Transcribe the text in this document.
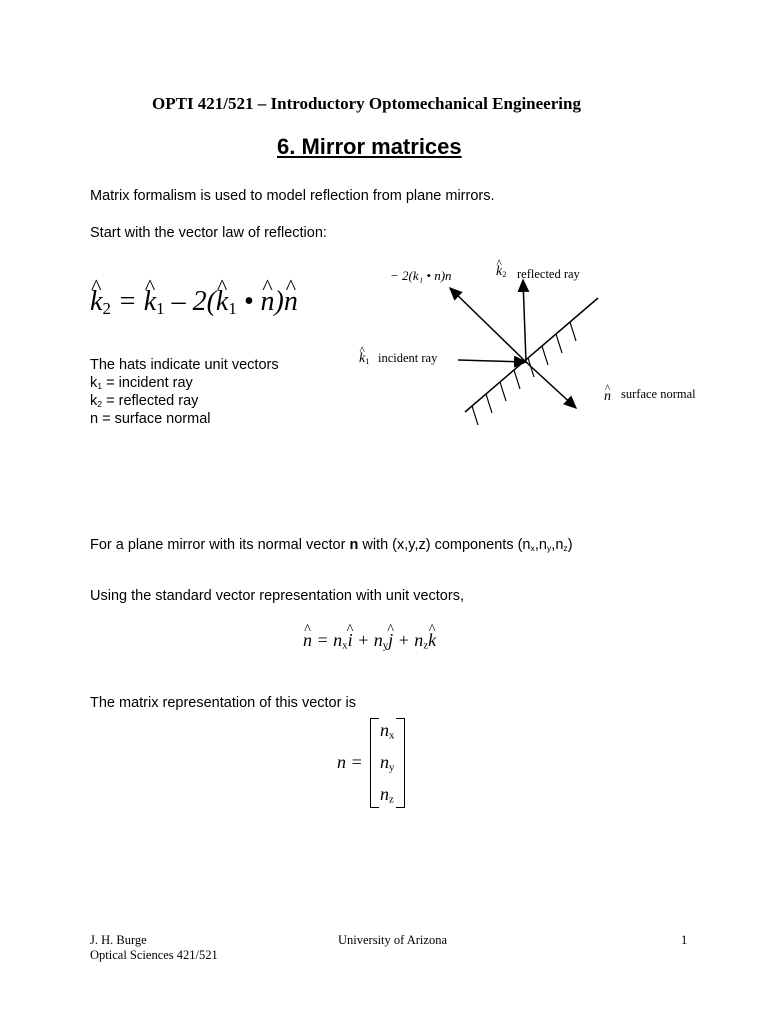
OPTI 421/521 – Introductory Optomechanical Engineering
6. Mirror matrices
Matrix formalism is used to model reflection from plane mirrors.
Start with the vector law of reflection:
^ $k_2$ = ^ $k_1$ – 2(^ $k_1$ • ^ n)^ n
The hats indicate unit vectors
$k_1$ = incident ray
$k_2$ = reflected ray
n = surface normal
− 2(k₁ • n)n
^	$k_2$ reflected ray
^ $k_1$ incident ray
^ n surface normal
For a plane mirror with its normal vector n with (x,y,z) components $(n_x,n_y,n_z)$
Using the standard vector representation with unit vectors,
^ $n = n_x\^{}$ $i + n_y\^{}$ $j + n_z\^{}$ k
The matrix representation of this vector is
n =
$n_x$
$n_y$
$n_z$
J. H. Burge
Optical Sciences 421/521
University of Arizona	1
